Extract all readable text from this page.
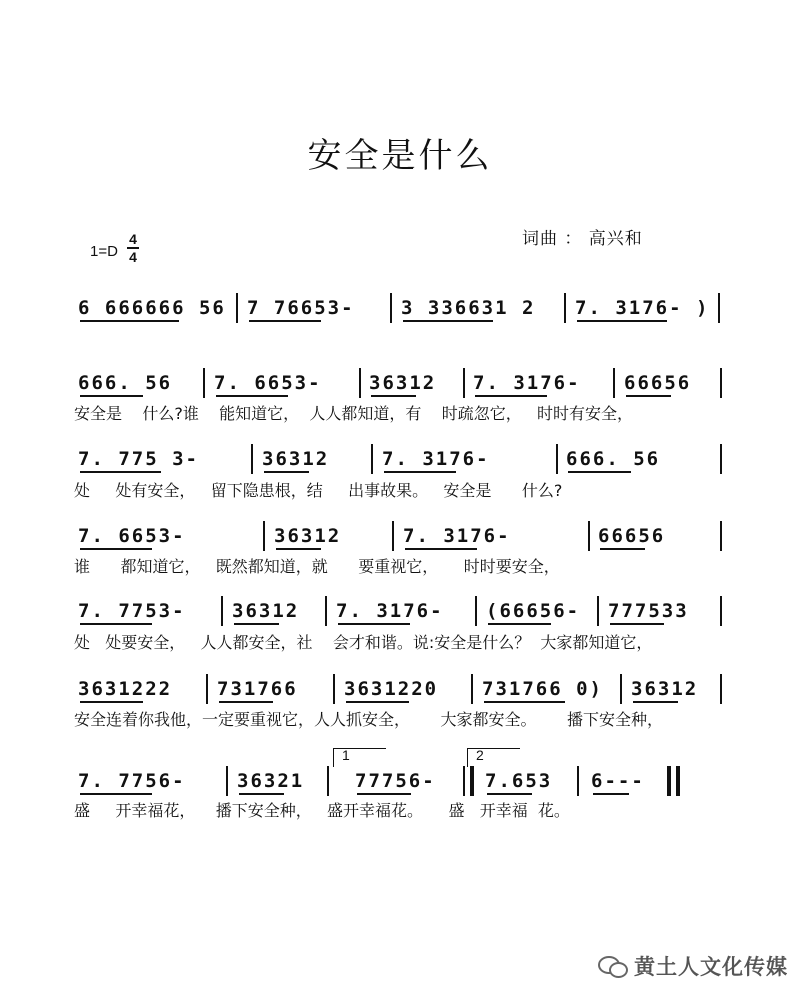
安全是什么
词曲 ： 高兴和
1=D
4
4
6 666666 56 7 76653- 3 336631 2 7. 3176- )
666. 56 7. 6653- 36312 7. 3176- 66656
7. 775 3-	36312	7. 3176-	666. 56
7. 6653-	36312	7. 3176-	66656
7. 7753- 36312 7. 3176- (66656- 777533
3631222 731766 3631220 731766 0) 36312
7. 7756-	36321	77756-	7.653 6---
安全是    什么?谁    能知道它，  人人都知道，有    时疏忽它，   时时有安全，
处     处有安全，   留下隐患根，结     出事故果。   安全是      什么?
谁      都知道它，   既然都知道，就      要重视它，     时时要安全，
处   处要安全，   人人都安全，社    会才和谐。说:安全是什么？  大家都知道它，
安全连着你我他，一定要重视它，人人抓安全，      大家都安全。      播下安全种，
盛     开幸福花，    播下安全种，   盛开幸福花。     盛   开幸福  花。
1	2
黄土人文化传媒
